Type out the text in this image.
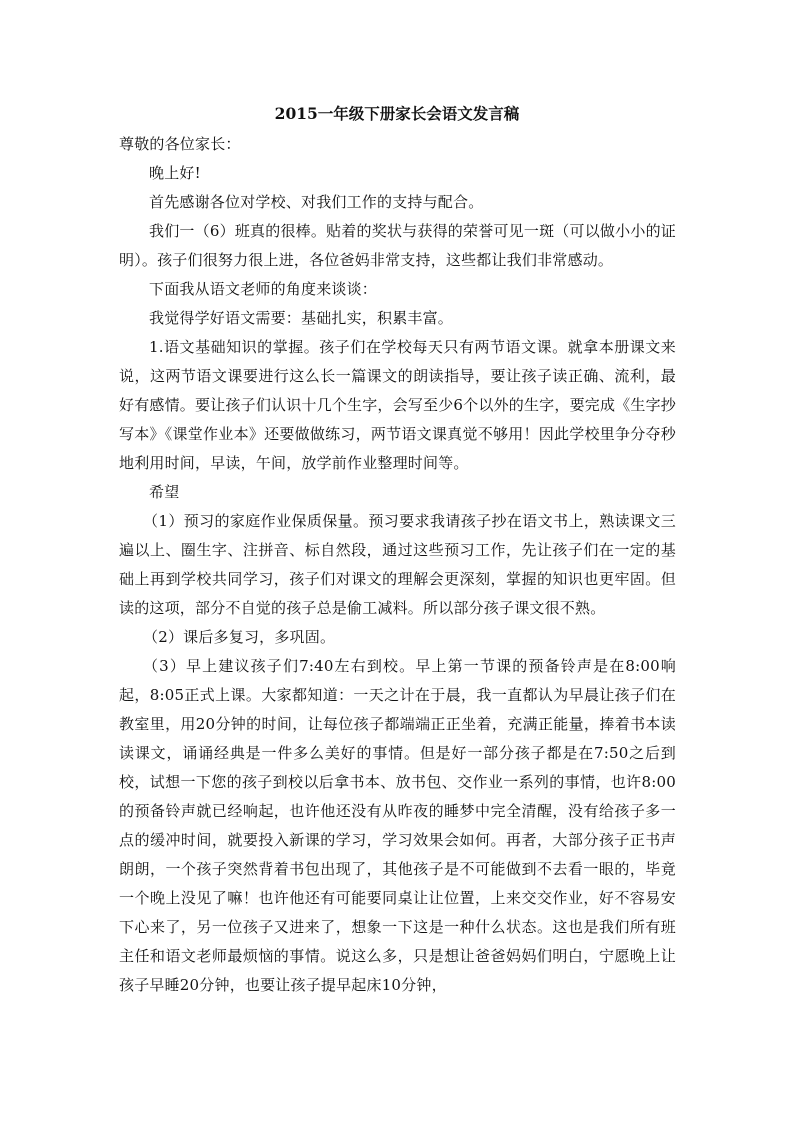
2015一年级下册家长会语文发言稿

尊敬的各位家长：

晚上好!

首先感谢各位对学校、对我们工作的支持与配合。

我们一（6）班真的很棒。贴着的奖状与获得的荣誉可见一斑（可以做小小的证明）。孩子们很努力很上进，各位爸妈非常支持，这些都让我们非常感动。

下面我从语文老师的角度来谈谈：

我觉得学好语文需要：基础扎实，积累丰富。

1.语文基础知识的掌握。孩子们在学校每天只有两节语文课。就拿本册课文来说，这两节语文课要进行这么长一篇课文的朗读指导，要让孩子读正确、流利，最好有感情。要让孩子们认识十几个生字，会写至少6个以外的生字，要完成《生字抄写本》《课堂作业本》还要做做练习，两节语文课真觉不够用！因此学校里争分夺秒地利用时间，早读，午间，放学前作业整理时间等。

希望

（1）预习的家庭作业保质保量。预习要求我请孩子抄在语文书上，熟读课文三遍以上、圈生字、注拼音、标自然段，通过这些预习工作，先让孩子们在一定的基础上再到学校共同学习，孩子们对课文的理解会更深刻，掌握的知识也更牢固。但读的这项，部分不自觉的孩子总是偷工减料。所以部分孩子课文很不熟。

（2）课后多复习，多巩固。

（3）早上建议孩子们7:40左右到校。早上第一节课的预备铃声是在8:00响起，8:05正式上课。大家都知道：一天之计在于晨，我一直都认为早晨让孩子们在教室里，用20分钟的时间，让每位孩子都端端正正坐着，充满正能量，捧着书本读读课文，诵诵经典是一件多么美好的事情。但是好一部分孩子都是在7:50之后到校，试想一下您的孩子到校以后拿书本、放书包、交作业一系列的事情，也许8:00的预备铃声就已经响起，也许他还没有从昨夜的睡梦中完全清醒，没有给孩子多一点的缓冲时间，就要投入新课的学习，学习效果会如何。再者，大部分孩子正书声朗朗，一个孩子突然背着书包出现了，其他孩子是不可能做到不去看一眼的，毕竟一个晚上没见了嘛！也许他还有可能要同桌让让位置，上来交交作业，好不容易安下心来了，另一位孩子又进来了，想象一下这是一种什么状态。这也是我们所有班主任和语文老师最烦恼的事情。说这么多，只是想让爸爸妈妈们明白，宁愿晚上让孩子早睡20分钟，也要让孩子提早起床10分钟，
